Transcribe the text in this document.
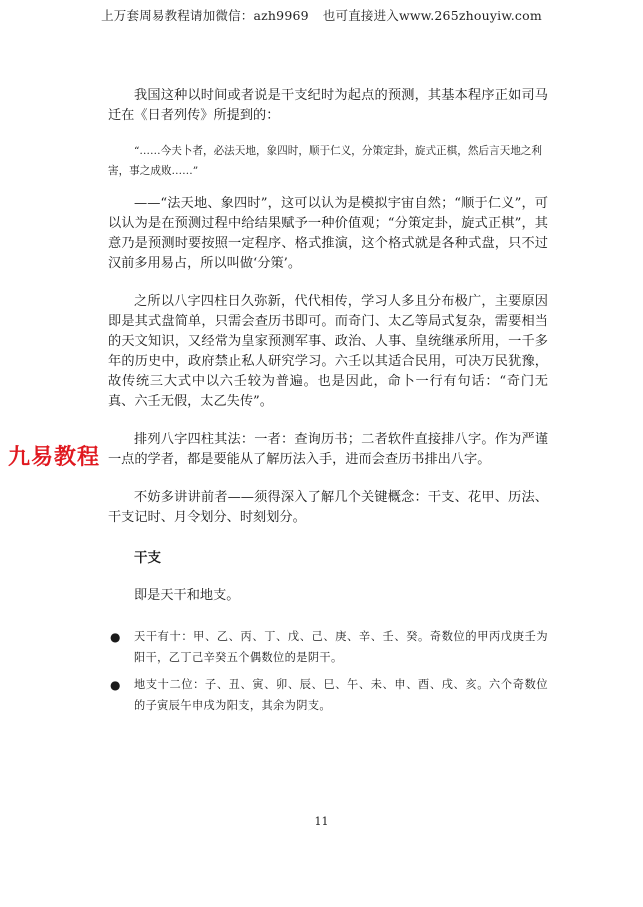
上万套周易教程请加微信：azh9969 也可直接进入www.265zhouyiw.com
九易教程

我国这种以时间或者说是干支纪时为起点的预测，其基本程序正如司马迁在《日者列传》所提到的：

“……今夫卜者，必法天地，象四时，顺于仁义，分策定卦，旋式正棋，然后言天地之利害，事之成败……”

——“法天地、象四时”，这可以认为是模拟宇宙自然；“顺于仁义”，可以认为是在预测过程中给结果赋予一种价值观；“分策定卦，旋式正棋”，其意乃是预测时要按照一定程序、格式推演，这个格式就是各种式盘，只不过汉前多用易占，所以叫做‘分策’。

之所以八字四柱日久弥新，代代相传，学习人多且分布极广，主要原因即是其式盘简单，只需会查历书即可。而奇门、太乙等局式复杂，需要相当的天文知识，又经常为皇家预测军事、政治、人事、皇统继承所用，一千多年的历史中，政府禁止私人研究学习。六壬以其适合民用，可决万民犹豫，故传统三大式中以六壬较为普遍。也是因此，命卜一行有句话：“奇门无真、六壬无假，太乙失传”。

排列八字四柱其法：一者：查询历书；二者软件直接排八字。作为严谨一点的学者，都是要能从了解历法入手，进而会查历书排出八字。

不妨多讲讲前者——须得深入了解几个关键概念：干支、花甲、历法、干支记时、月令划分、时刻划分。

干支

即是天干和地支。

● 天干有十：甲、乙、丙、丁、戊、己、庚、辛、壬、癸。奇数位的甲丙戊庚壬为阳干，乙丁己辛癸五个偶数位的是阴干。
● 地支十二位：子、丑、寅、卯、辰、巳、午、未、申、酉、戌、亥。六个奇数位的子寅辰午申戌为阳支，其余为阴支。
11
